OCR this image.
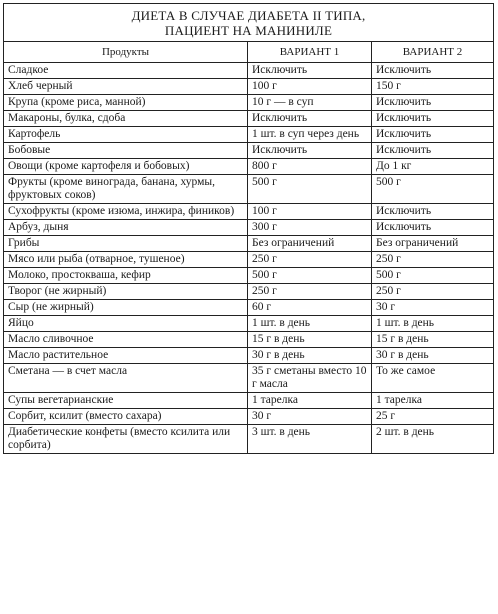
ДИЕТА В СЛУЧАЕ ДИАБЕТА II ТИПА,
ПАЦИЕНТ НА МАНИНИЛЕ		

Продукты	ВАРИАНТ 1	ВАРИАНТ 2
Сладкое	Исключить	Исключить
Хлеб черный	100 г	150 г
Крупа (кроме риса, манной)	10 г — в суп	Исключить
Макароны, булка, сдоба	Исключить	Исключить
Картофель	1 шт. в суп через день	Исключить
Бобовые	Исключить	Исключить
Овощи (кроме картофеля и бобовых)	800 г	До 1 кг
Фрукты (кроме винограда, банана, хурмы, фруктовых соков)	500 г	500 г
Сухофрукты (кроме изюма, инжира, фиников)	100 г	Исключить
Арбуз, дыня	300 г	Исключить
Грибы	Без ограничений	Без ограничений
Мясо или рыба (отварное, тушеное)	250 г	250 г
Молоко, простокваша, кефир	500 г	500 г
Творог (не жирный)	250 г	250 г
Сыр (не жирный)	60 г	30 г
Яйцо	1 шт. в день	1 шт. в день
Масло сливочное	15 г в день	15 г в день
Масло растительное	30 г в день	30 г в день
Сметана — в счет масла	35 г сметаны вместо 10 г масла	То же самое
Супы вегетарианские	1 тарелка	1 тарелка
Сорбит, ксилит (вместо сахара)	30 г	25 г
Диабетические конфеты (вместо ксилита или сорбита)	3 шт. в день	2 шт. в день
